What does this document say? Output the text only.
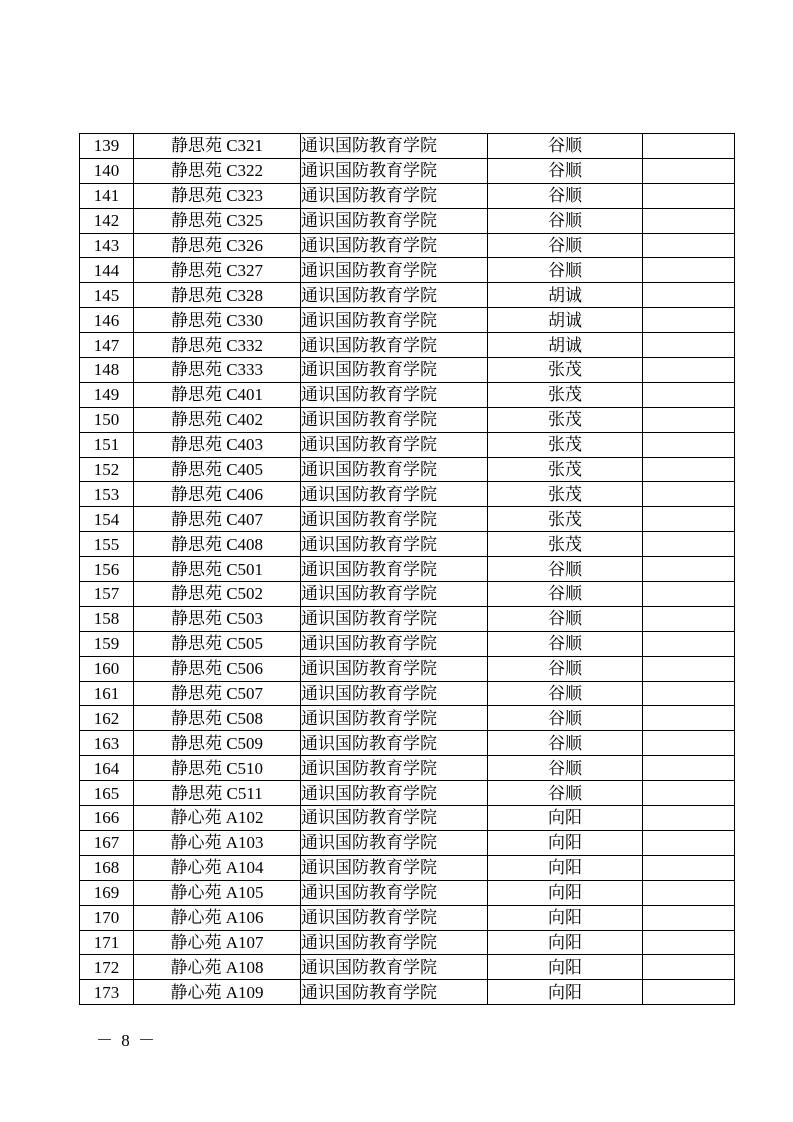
139	静思苑 C321	通识国防教育学院	谷顺	
140	静思苑 C322	通识国防教育学院	谷顺	
141	静思苑 C323	通识国防教育学院	谷顺	
142	静思苑 C325	通识国防教育学院	谷顺	
143	静思苑 C326	通识国防教育学院	谷顺	
144	静思苑 C327	通识国防教育学院	谷顺	
145	静思苑 C328	通识国防教育学院	胡诚	
146	静思苑 C330	通识国防教育学院	胡诚	
147	静思苑 C332	通识国防教育学院	胡诚	
148	静思苑 C333	通识国防教育学院	张茂	
149	静思苑 C401	通识国防教育学院	张茂	
150	静思苑 C402	通识国防教育学院	张茂	
151	静思苑 C403	通识国防教育学院	张茂	
152	静思苑 C405	通识国防教育学院	张茂	
153	静思苑 C406	通识国防教育学院	张茂	
154	静思苑 C407	通识国防教育学院	张茂	
155	静思苑 C408	通识国防教育学院	张茂	
156	静思苑 C501	通识国防教育学院	谷顺	
157	静思苑 C502	通识国防教育学院	谷顺	
158	静思苑 C503	通识国防教育学院	谷顺	
159	静思苑 C505	通识国防教育学院	谷顺	
160	静思苑 C506	通识国防教育学院	谷顺	
161	静思苑 C507	通识国防教育学院	谷顺	
162	静思苑 C508	通识国防教育学院	谷顺	
163	静思苑 C509	通识国防教育学院	谷顺	
164	静思苑 C510	通识国防教育学院	谷顺	
165	静思苑 C511	通识国防教育学院	谷顺	
166	静心苑 A102	通识国防教育学院	向阳	
167	静心苑 A103	通识国防教育学院	向阳	
168	静心苑 A104	通识国防教育学院	向阳	
169	静心苑 A105	通识国防教育学院	向阳	
170	静心苑 A106	通识国防教育学院	向阳	
171	静心苑 A107	通识国防教育学院	向阳	
172	静心苑 A108	通识国防教育学院	向阳	
173	静心苑 A109	通识国防教育学院	向阳	
－ 8 －
